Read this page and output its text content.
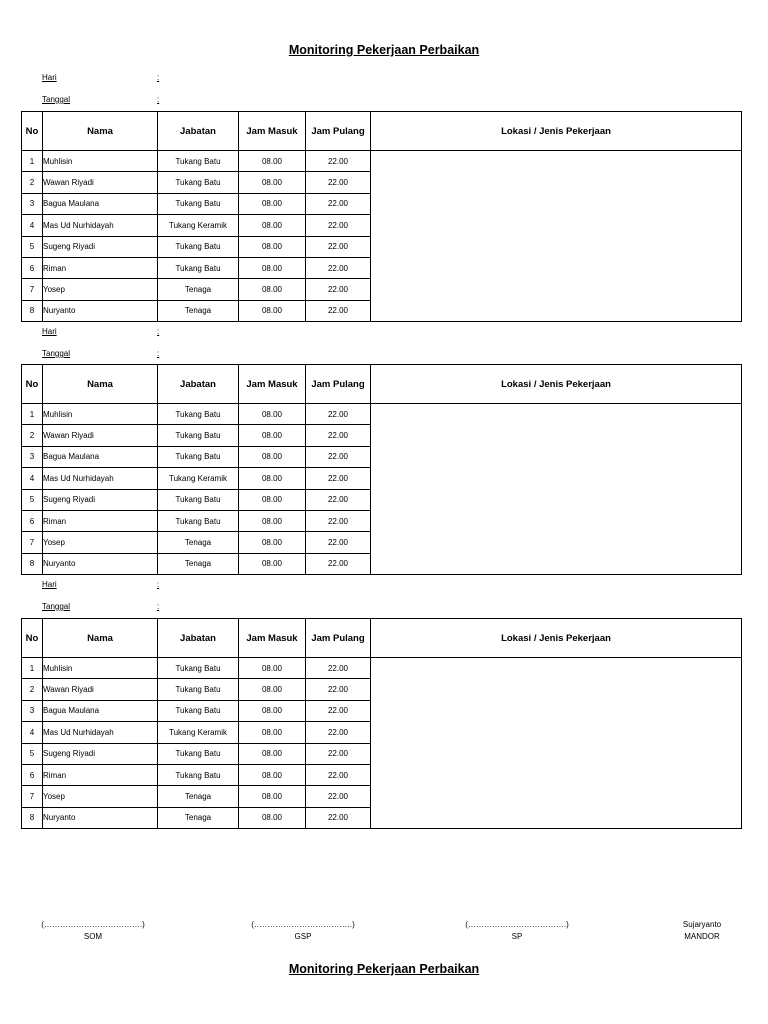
Monitoring Pekerjaan Perbaikan
Hari	:
Tanggal	:
No	Nama	Jabatan	Jam Masuk	Jam Pulang	Lokasi / Jenis Pekerjaan
1	Muhlisin	Tukang Batu	08.00	22.00	
2	Wawan Riyadi	Tukang Batu	08.00	22.00	
3	Bagua Maulana	Tukang Batu	08.00	22.00	
4	Mas Ud Nurhidayah	Tukang Keramik	08.00	22.00	
5	Sugeng Riyadi	Tukang Batu	08.00	22.00	
6	Riman	Tukang Batu	08.00	22.00	
7	Yosep	Tenaga	08.00	22.00	
8	Nuryanto	Tenaga	08.00	22.00	
Hari	:
Tanggal	:
No	Nama	Jabatan	Jam Masuk	Jam Pulang	Lokasi / Jenis Pekerjaan
1	Muhlisin	Tukang Batu	08.00	22.00	
2	Wawan Riyadi	Tukang Batu	08.00	22.00	
3	Bagua Maulana	Tukang Batu	08.00	22.00	
4	Mas Ud Nurhidayah	Tukang Keramik	08.00	22.00	
5	Sugeng Riyadi	Tukang Batu	08.00	22.00	
6	Riman	Tukang Batu	08.00	22.00	
7	Yosep	Tenaga	08.00	22.00	
8	Nuryanto	Tenaga	08.00	22.00	
Hari	:
Tanggal	:
No	Nama	Jabatan	Jam Masuk	Jam Pulang	Lokasi / Jenis Pekerjaan
1	Muhlisin	Tukang Batu	08.00	22.00	
2	Wawan Riyadi	Tukang Batu	08.00	22.00	
3	Bagua Maulana	Tukang Batu	08.00	22.00	
4	Mas Ud Nurhidayah	Tukang Keramik	08.00	22.00	
5	Sugeng Riyadi	Tukang Batu	08.00	22.00	
6	Riman	Tukang Batu	08.00	22.00	
7	Yosep	Tenaga	08.00	22.00	
8	Nuryanto	Tenaga	08.00	22.00	
(……………………………….)
SOM
(……………………………….)
GSP
(……………………………….)
SP
Sujaryanto
MANDOR
Monitoring Pekerjaan Perbaikan
